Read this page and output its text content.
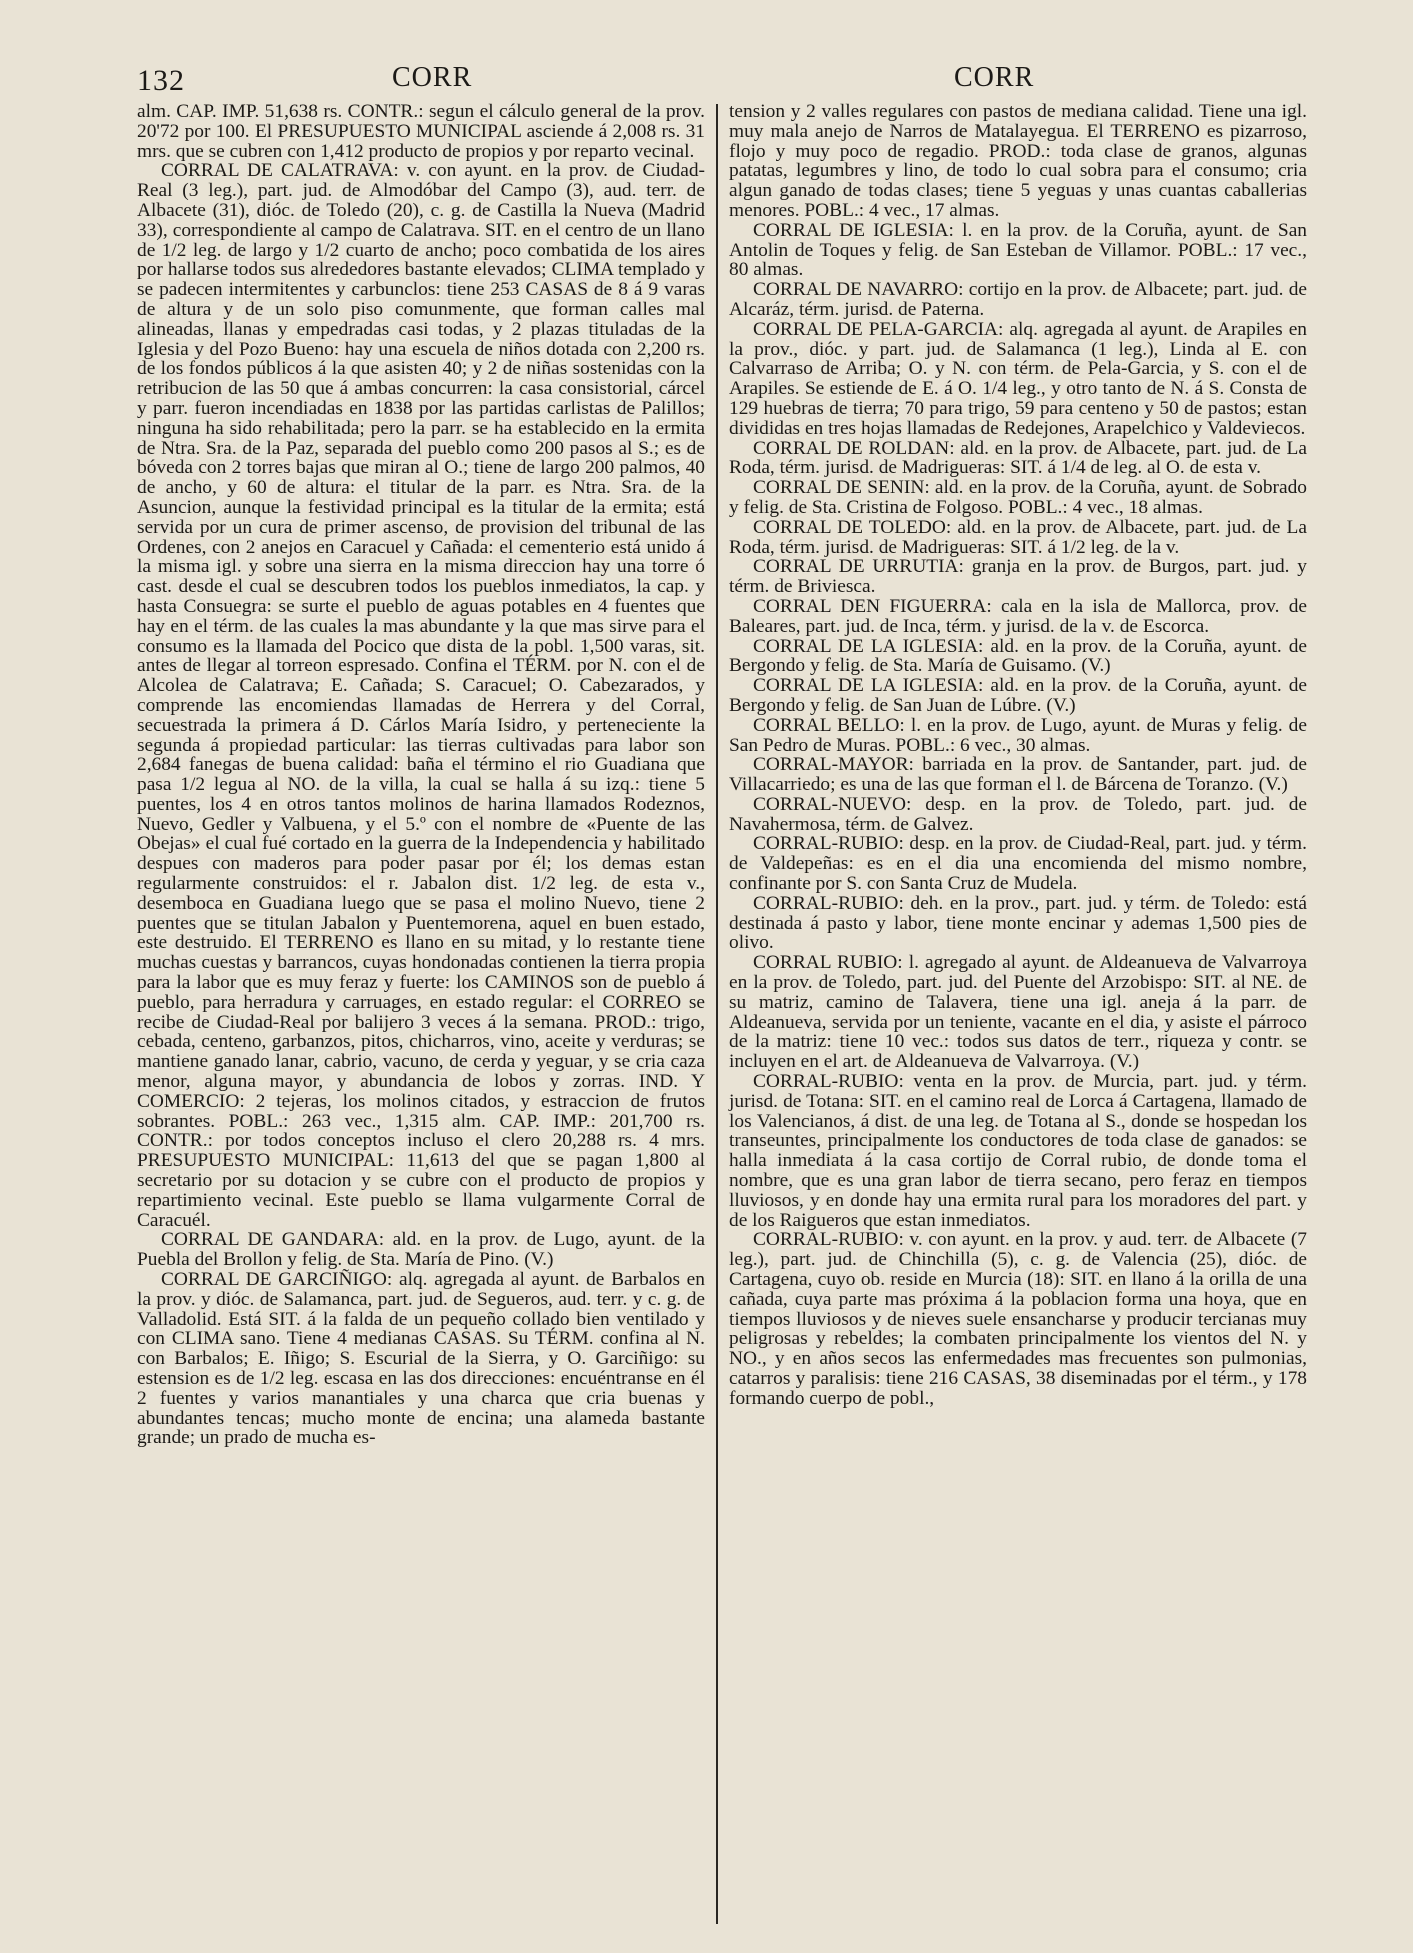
132	CORR	CORR

alm. CAP. IMP. 51,638 rs. CONTR.: segun el cálculo general de la prov. 20'72 por 100. El PRESUPUESTO MUNICIPAL asciende á 2,008 rs. 31 mrs. que se cubren con 1,412 producto de propios y por reparto vecinal.

CORRAL DE CALATRAVA: v. con ayunt. en la prov. de Ciudad-Real (3 leg.), part. jud. de Almodóbar del Campo (3), aud. terr. de Albacete (31), dióc. de Toledo (20), c. g. de Castilla la Nueva (Madrid 33), correspondiente al campo de Calatrava. SIT. en el centro de un llano de 1/2 leg. de largo y 1/2 cuarto de ancho; poco combatida de los aires por hallarse todos sus alrededores bastante elevados; CLIMA templado y se padecen intermitentes y carbunclos: tiene 253 CASAS de 8 á 9 varas de altura y de un solo piso comunmente, que forman calles mal alineadas, llanas y empedradas casi todas, y 2 plazas tituladas de la Iglesia y del Pozo Bueno: hay una escuela de niños dotada con 2,200 rs. de los fondos públicos á la que asisten 40; y 2 de niñas sostenidas con la retribucion de las 50 que á ambas concurren: la casa consistorial, cárcel y parr. fueron incendiadas en 1838 por las partidas carlistas de Palillos; ninguna ha sido rehabilitada; pero la parr. se ha establecido en la ermita de Ntra. Sra. de la Paz, separada del pueblo como 200 pasos al S.; es de bóveda con 2 torres bajas que miran al O.; tiene de largo 200 palmos, 40 de ancho, y 60 de altura: el titular de la parr. es Ntra. Sra. de la Asuncion, aunque la festividad principal es la titular de la ermita; está servida por un cura de primer ascenso, de provision del tribunal de las Ordenes, con 2 anejos en Caracuel y Cañada: el cementerio está unido á la misma igl. y sobre una sierra en la misma direccion hay una torre ó cast. desde el cual se descubren todos los pueblos inmediatos, la cap. y hasta Consuegra: se surte el pueblo de aguas potables en 4 fuentes que hay en el térm. de las cuales la mas abundante y la que mas sirve para el consumo es la llamada del Pocico que dista de la pobl. 1,500 varas, sit. antes de llegar al torreon espresado. Confina el TÉRM. por N. con el de Alcolea de Calatrava; E. Cañada; S. Caracuel; O. Cabezarados, y comprende las encomiendas llamadas de Herrera y del Corral, secuestrada la primera á D. Cárlos María Isidro, y perteneciente la segunda á propiedad particular: las tierras cultivadas para labor son 2,684 fanegas de buena calidad: baña el término el rio Guadiana que pasa 1/2 legua al NO. de la villa, la cual se halla á su izq.: tiene 5 puentes, los 4 en otros tantos molinos de harina llamados Rodeznos, Nuevo, Gedler y Valbuena, y el 5.º con el nombre de «Puente de las Obejas» el cual fué cortado en la guerra de la Independencia y habilitado despues con maderos para poder pasar por él; los demas estan regularmente construidos: el r. Jabalon dist. 1/2 leg. de esta v., desemboca en Guadiana luego que se pasa el molino Nuevo, tiene 2 puentes que se titulan Jabalon y Puentemorena, aquel en buen estado, este destruido. El TERRENO es llano en su mitad, y lo restante tiene muchas cuestas y barrancos, cuyas hondonadas contienen la tierra propia para la labor que es muy feraz y fuerte: los CAMINOS son de pueblo á pueblo, para herradura y carruages, en estado regular: el CORREO se recibe de Ciudad-Real por balijero 3 veces á la semana. PROD.: trigo, cebada, centeno, garbanzos, pitos, chicharros, vino, aceite y verduras; se mantiene ganado lanar, cabrio, vacuno, de cerda y yeguar, y se cria caza menor, alguna mayor, y abundancia de lobos y zorras. IND. Y COMERCIO: 2 tejeras, los molinos citados, y estraccion de frutos sobrantes. POBL.: 263 vec., 1,315 alm. CAP. IMP.: 201,700 rs. CONTR.: por todos conceptos incluso el clero 20,288 rs. 4 mrs. PRESUPUESTO MUNICIPAL: 11,613 del que se pagan 1,800 al secretario por su dotacion y se cubre con el producto de propios y repartimiento vecinal. Este pueblo se llama vulgarmente Corral de Caracuél.

CORRAL DE GANDARA: ald. en la prov. de Lugo, ayunt. de la Puebla del Brollon y felig. de Sta. María de Pino. (V.)

CORRAL DE GARCIÑIGO: alq. agregada al ayunt. de Barbalos en la prov. y dióc. de Salamanca, part. jud. de Segueros, aud. terr. y c. g. de Valladolid. Está SIT. á la falda de un pequeño collado bien ventilado y con CLIMA sano. Tiene 4 medianas CASAS. Su TÉRM. confina al N. con Barbalos; E. Iñigo; S. Escurial de la Sierra, y O. Garciñigo: su estension es de 1/2 leg. escasa en las dos direcciones: encuéntranse en él 2 fuentes y varios manantiales y una charca que cria buenas y abundantes tencas; mucho monte de encina; una alameda bastante grande; un prado de mucha es-

tension y 2 valles regulares con pastos de mediana calidad. Tiene una igl. muy mala anejo de Narros de Matalayegua. El TERRENO es pizarroso, flojo y muy poco de regadio. PROD.: toda clase de granos, algunas patatas, legumbres y lino, de todo lo cual sobra para el consumo; cria algun ganado de todas clases; tiene 5 yeguas y unas cuantas caballerias menores. POBL.: 4 vec., 17 almas.

CORRAL DE IGLESIA: l. en la prov. de la Coruña, ayunt. de San Antolin de Toques y felig. de San Esteban de Villamor. POBL.: 17 vec., 80 almas.

CORRAL DE NAVARRO: cortijo en la prov. de Albacete; part. jud. de Alcaráz, térm. jurisd. de Paterna.

CORRAL DE PELA-GARCIA: alq. agregada al ayunt. de Arapiles en la prov., dióc. y part. jud. de Salamanca (1 leg.), Linda al E. con Calvarraso de Arriba; O. y N. con térm. de Pela-Garcia, y S. con el de Arapiles. Se estiende de E. á O. 1/4 leg., y otro tanto de N. á S. Consta de 129 huebras de tierra; 70 para trigo, 59 para centeno y 50 de pastos; estan divididas en tres hojas llamadas de Redejones, Arapelchico y Valdeviecos.

CORRAL DE ROLDAN: ald. en la prov. de Albacete, part. jud. de La Roda, térm. jurisd. de Madrigueras: SIT. á 1/4 de leg. al O. de esta v.

CORRAL DE SENIN: ald. en la prov. de la Coruña, ayunt. de Sobrado y felig. de Sta. Cristina de Folgoso. POBL.: 4 vec., 18 almas.

CORRAL DE TOLEDO: ald. en la prov. de Albacete, part. jud. de La Roda, térm. jurisd. de Madrigueras: SIT. á 1/2 leg. de la v.

CORRAL DE URRUTIA: granja en la prov. de Burgos, part. jud. y térm. de Briviesca.

CORRAL DEN FIGUERRA: cala en la isla de Mallorca, prov. de Baleares, part. jud. de Inca, térm. y jurisd. de la v. de Escorca.

CORRAL DE LA IGLESIA: ald. en la prov. de la Coruña, ayunt. de Bergondo y felig. de Sta. María de Guisamo. (V.)

CORRAL DE LA IGLESIA: ald. en la prov. de la Coruña, ayunt. de Bergondo y felig. de San Juan de Lúbre. (V.)

CORRAL BELLO: l. en la prov. de Lugo, ayunt. de Muras y felig. de San Pedro de Muras. POBL.: 6 vec., 30 almas.

CORRAL-MAYOR: barriada en la prov. de Santander, part. jud. de Villacarriedo; es una de las que forman el l. de Bárcena de Toranzo. (V.)

CORRAL-NUEVO: desp. en la prov. de Toledo, part. jud. de Navahermosa, térm. de Galvez.

CORRAL-RUBIO: desp. en la prov. de Ciudad-Real, part. jud. y térm. de Valdepeñas: es en el dia una encomienda del mismo nombre, confinante por S. con Santa Cruz de Mudela.

CORRAL-RUBIO: deh. en la prov., part. jud. y térm. de Toledo: está destinada á pasto y labor, tiene monte encinar y ademas 1,500 pies de olivo.

CORRAL RUBIO: l. agregado al ayunt. de Aldeanueva de Valvarroya en la prov. de Toledo, part. jud. del Puente del Arzobispo: SIT. al NE. de su matriz, camino de Talavera, tiene una igl. aneja á la parr. de Aldeanueva, servida por un teniente, vacante en el dia, y asiste el párroco de la matriz: tiene 10 vec.: todos sus datos de terr., riqueza y contr. se incluyen en el art. de Aldeanueva de Valvarroya. (V.)

CORRAL-RUBIO: venta en la prov. de Murcia, part. jud. y térm. jurisd. de Totana: SIT. en el camino real de Lorca á Cartagena, llamado de los Valencianos, á dist. de una leg. de Totana al S., donde se hospedan los transeuntes, principalmente los conductores de toda clase de ganados: se halla inmediata á la casa cortijo de Corral rubio, de donde toma el nombre, que es una gran labor de tierra secano, pero feraz en tiempos lluviosos, y en donde hay una ermita rural para los moradores del part. y de los Raigueros que estan inmediatos.

CORRAL-RUBIO: v. con ayunt. en la prov. y aud. terr. de Albacete (7 leg.), part. jud. de Chinchilla (5), c. g. de Valencia (25), dióc. de Cartagena, cuyo ob. reside en Murcia (18): SIT. en llano á la orilla de una cañada, cuya parte mas próxima á la poblacion forma una hoya, que en tiempos lluviosos y de nieves suele ensancharse y producir tercianas muy peligrosas y rebeldes; la combaten principalmente los vientos del N. y NO., y en años secos las enfermedades mas frecuentes son pulmonias, catarros y paralisis: tiene 216 CASAS, 38 diseminadas por el térm., y 178 formando cuerpo de pobl.,
